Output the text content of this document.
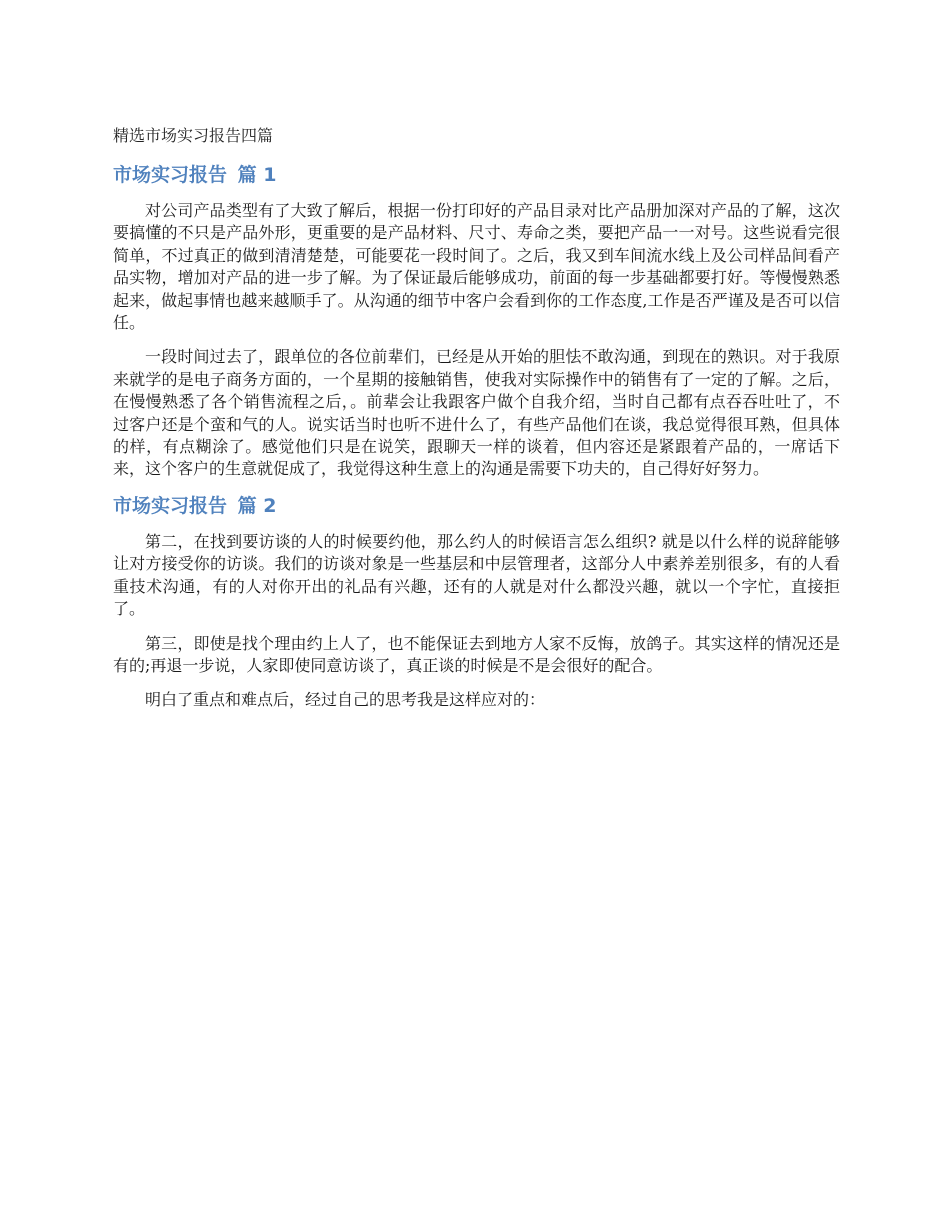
精选市场实习报告四篇
市场实习报告 篇 1

对公司产品类型有了大致了解后，根据一份打印好的产品目录对比产品册加深对产品的了解，这次要搞懂的不只是产品外形，更重要的是产品材料、尺寸、寿命之类，要把产品一一对号。这些说看完很简单，不过真正的做到清清楚楚，可能要花一段时间了。之后，我又到车间流水线上及公司样品间看产品实物，增加对产品的进一步了解。为了保证最后能够成功，前面的每一步基础都要打好。等慢慢熟悉起来，做起事情也越来越顺手了。从沟通的细节中客户会看到你的工作态度,工作是否严谨及是否可以信任。

一段时间过去了，跟单位的各位前辈们，已经是从开始的胆怯不敢沟通，到现在的熟识。对于我原来就学的是电子商务方面的，一个星期的接触销售，使我对实际操作中的销售有了一定的了解。之后，在慢慢熟悉了各个销售流程之后，。前辈会让我跟客户做个自我介绍，当时自己都有点吞吞吐吐了，不过客户还是个蛮和气的人。说实话当时也听不进什么了，有些产品他们在谈，我总觉得很耳熟，但具体的样，有点糊涂了。感觉他们只是在说笑，跟聊天一样的谈着，但内容还是紧跟着产品的，一席话下来，这个客户的生意就促成了，我觉得这种生意上的沟通是需要下功夫的，自己得好好努力。

市场实习报告 篇 2

第二，在找到要访谈的人的时候要约他，那么约人的时候语言怎么组织? 就是以什么样的说辞能够让对方接受你的访谈。我们的访谈对象是一些基层和中层管理者，这部分人中素养差别很多，有的人看重技术沟通，有的人对你开出的礼品有兴趣，还有的人就是对什么都没兴趣，就以一个字忙，直接拒了。

第三，即使是找个理由约上人了，也不能保证去到地方人家不反悔，放鸽子。其实这样的情况还是有的;再退一步说，人家即使同意访谈了，真正谈的时候是不是会很好的配合。

明白了重点和难点后，经过自己的思考我是这样应对的：
